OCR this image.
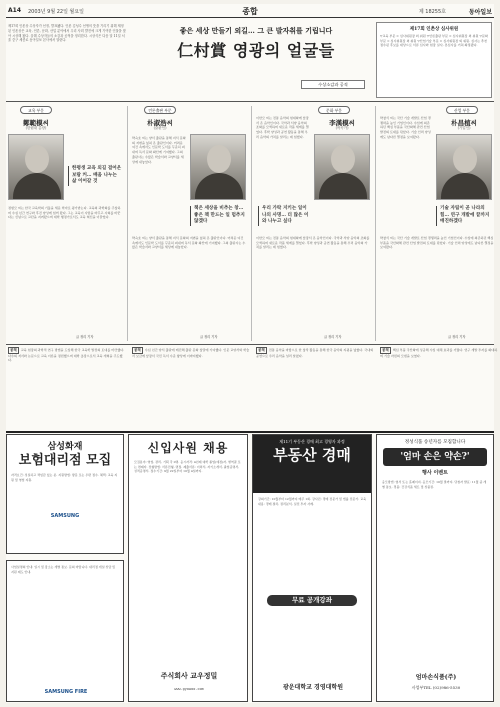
A14 2003년 9월 22일 월요일	종합	제 18255호	동아일보
제17회 인촌상 수상자가 선정, 발표됐다. 인촌 김성수 선생의 뜻을 기리기 위해 제정된 인촌상은 교육, 언론, 문화, 산업 분야에서 우리 사회 발전에 크게 기여한 인물을 찾아 시상해 왔다. 올해 수상자들의 소감과 공적을 정리한다. 시상식은 다음 달 11일 서울 중구 세종로 동아일보 본사에서 열린다.
좋은 세상 만들기 외길… 그 큰 발자취를 기립니다
仁村賞 영광의 얼굴들
수상소감과 공적
제17회 인촌상 심사위원
▽교육 부문 = 심사위원장 외 위원 ▽언론출판 부문 = 심사위원장 외 위원 ▽문화 부문 = 심사위원장 외 위원 ▽산업기술 부문 = 심사위원장 외 위원. 심사는 추천 접수된 후보를 대상으로 서류 심사와 현장 실사, 본심사를 거쳐 확정됐다.
교육 부문
鄭範模씨
(한림대 총장)
한평생 교육 외길 걸어온 보람 커… 배움 나누는 삶 이어갈 것
정범모 씨는 한국 교육학의 기틀을 세운 학자로 평가받는다. 교육의 과학화를 주창하며 수십 년간 연구와 후진 양성에 힘써 왔다. 그는 교육이 사람을 바꾸고 사회를 바꾼다는 신념으로 교단을 지켜왔으며 대학 행정가로서도 교육 혁신을 이끌었다.
글 정리 기자
언론출판 부문
朴淑浩씨
(출판인)
박숙호 씨는 양서 출판을 통해 지식 문화의 저변을 넓혀 온 출판인이다. 어려운 여건 속에서도 인문학 도서를 꾸준히 펴내며 독서 문화 확산에 기여했다. 그의 출판사는 수많은 학술서와 교양서를 세상에 내놓았다.
책은 세상을 비추는 창… 좋은 책 만드는 일 멈추지 않겠다
박숙호 씨는 양서 출판을 통해 지식 문화의 저변을 넓혀 온 출판인이다. 어려운 여건 속에서도 인문학 도서를 꾸준히 펴내며 독서 문화 확산에 기여했다. 그의 출판사는 수많은 학술서와 교양서를 세상에 내놓았다.
글 정리 기자
문화 부문
李漢模씨
(작곡가)
이한모 씨는 전통 음악의 현대화에 앞장서 온 음악인이다. 국악과 서양 음악의 조화를 모색하며 새로운 작품 세계를 열었다. 후학 양성과 공연 활동을 통해 우리 음악의 가치를 알리는 데 힘썼다.
우리 가락 지키는 일이 나의 사명… 더 많은 이와 나누고 싶다
이한모 씨는 전통 음악의 현대화에 앞장서 온 음악인이다. 국악과 서양 음악의 조화를 모색하며 새로운 작품 세계를 열었다. 후학 양성과 공연 활동을 통해 우리 음악의 가치를 알리는 데 힘썼다.
글 정리 기자
산업 부문
朴昌植씨
(기업인)
박창식 씨는 국산 기술 개발로 산업 경쟁력을 높인 기업인이다. 수입에 의존하던 핵심 부품을 국산화해 관련 산업 발전의 토대를 닦았다. 기술 인력 양성에도 남다른 열정을 보여왔다.
기술 자립이 곧 나라의 힘… 연구 개발에 끝까지 매진하겠다
박창식 씨는 국산 기술 개발로 산업 경쟁력을 높인 기업인이다. 수입에 의존하던 핵심 부품을 국산화해 관련 산업 발전의 토대를 닦았다. 기술 인력 양성에도 남다른 열정을 보여왔다.
글 정리 기자
공적 교육 현장의 과학적 연구 방법을 도입해 한국 교육학 발전의 토대를 마련했다. 다수의 저서와 논문으로 교육 이론을 정립했으며 대학 총장으로서 교육 개혁을 주도했다.
공적 수십 년간 양서 출판에 매진해 출판 문화 창달에 기여했다. 인문 교양서와 학술서 보급에 앞장서 국민 독서 수준 향상에 이바지했다.
공적 전통 음악을 바탕으로 한 창작 활동을 통해 한국 음악의 지평을 넓혔다. 국내외 공연으로 우리 음악을 널리 알렸다.
공적 핵심 부품 국산화에 성공해 수입 대체 효과를 거뒀다. 연구 개발 투자를 확대하며 기술 자립의 모범을 보였다.
삼성화재
보험대리점 모집
자격요건: 성실하고 책임감 있는 분. 지원방법: 방문 또는 우편 접수. 혜택: 교육 지원 및 영업 지원.
SAMSUNG
신입사원 채용
모집분야: 영업, 관리, 기획 각 0명. 응시자격: 4년제 대학 졸업(예정)자, 병역필 또는 면제자. 전형방법: 서류전형, 면접. 제출서류: 이력서, 자기소개서, 졸업증명서, 성적증명서. 접수기간: 9월 22일부터 10월 4일까지.
주식회사 교우정밀
www.gyowoo.com
제11기 부동산 경매 최고 경영자 과정
부동산 경매
강의기간: 10월부터 12월까지 매주 1회. 강사진: 경매 전문가 및 법률 전문가. 교육내용: 경매 절차, 권리분석, 실전 투자 사례.
무료 공개강좌
광운대학교 경영대학원
정성식품 송년자를 모집합니다
'엄마 손은 약손?'
행사 이벤트
응모방법: 엽서 또는 홈페이지. 응모기간: 10월 말까지. 당첨자 발표: 11월 중 개별 통보. 경품: 건강식품 세트 및 상품권.
엄마손식품(주)
사업부TEL (02)986-5530
사업설명회 안내: 일시 및 장소는 개별 통보. 문의 바랍니다. 대리점 개설 상담 및 지원 제도 안내.
SAMSUNG FIRE
